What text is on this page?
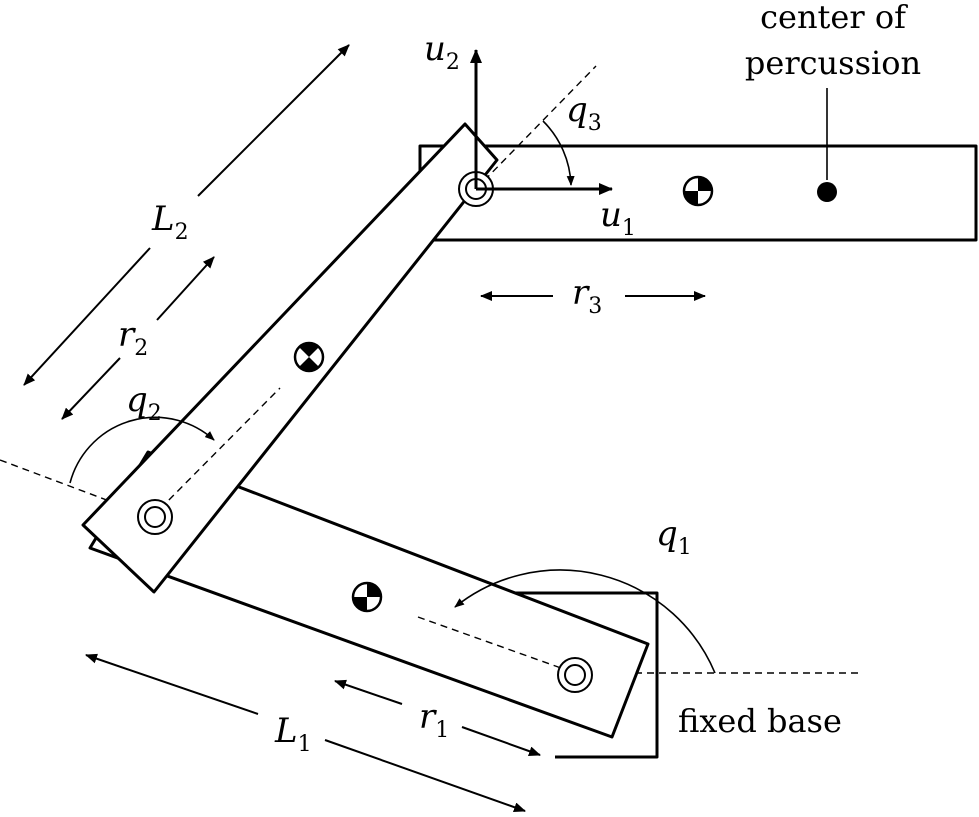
$q_1$
$q_2$
$q_3$
$L_1$
$L_2$
$r_1$
$r_2$
$r_3$
$u_1$
$u_2$
center of
percussion
fixed base
